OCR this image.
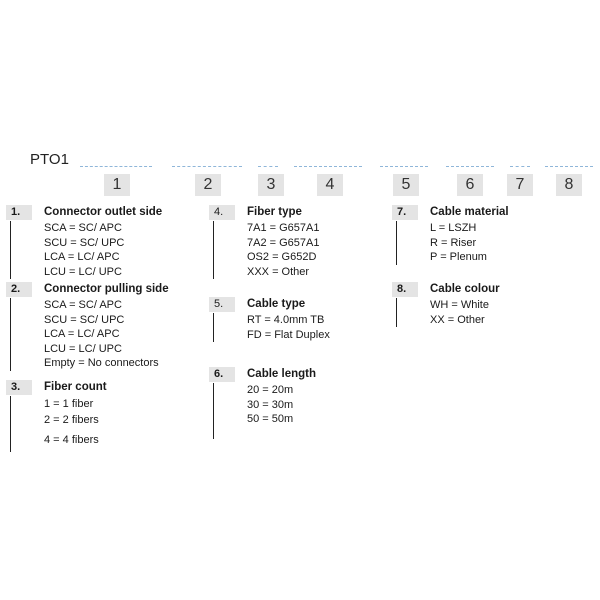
PTO1
1	2	3	4	5	6	7	8
1.	Connector outlet side
SCA = SC/ APC
SCU = SC/ UPC
LCA = LC/ APC
LCU = LC/ UPC
2.	Connector pulling side
SCA = SC/ APC
SCU = SC/ UPC
LCA = LC/ APC
LCU = LC/ UPC
Empty = No connectors
3.	Fiber count
1 = 1 fiber
2 = 2 fibers
4 = 4 fibers
4.	Fiber type
7A1 = G657A1
7A2 = G657A1
OS2 = G652D
XXX = Other
5.	Cable type
RT = 4.0mm TB
FD = Flat Duplex
6.	Cable length
20 = 20m
30 = 30m
50 = 50m
7.	Cable material
L = LSZH
R = Riser
P = Plenum
8.	Cable colour
WH = White
XX = Other
